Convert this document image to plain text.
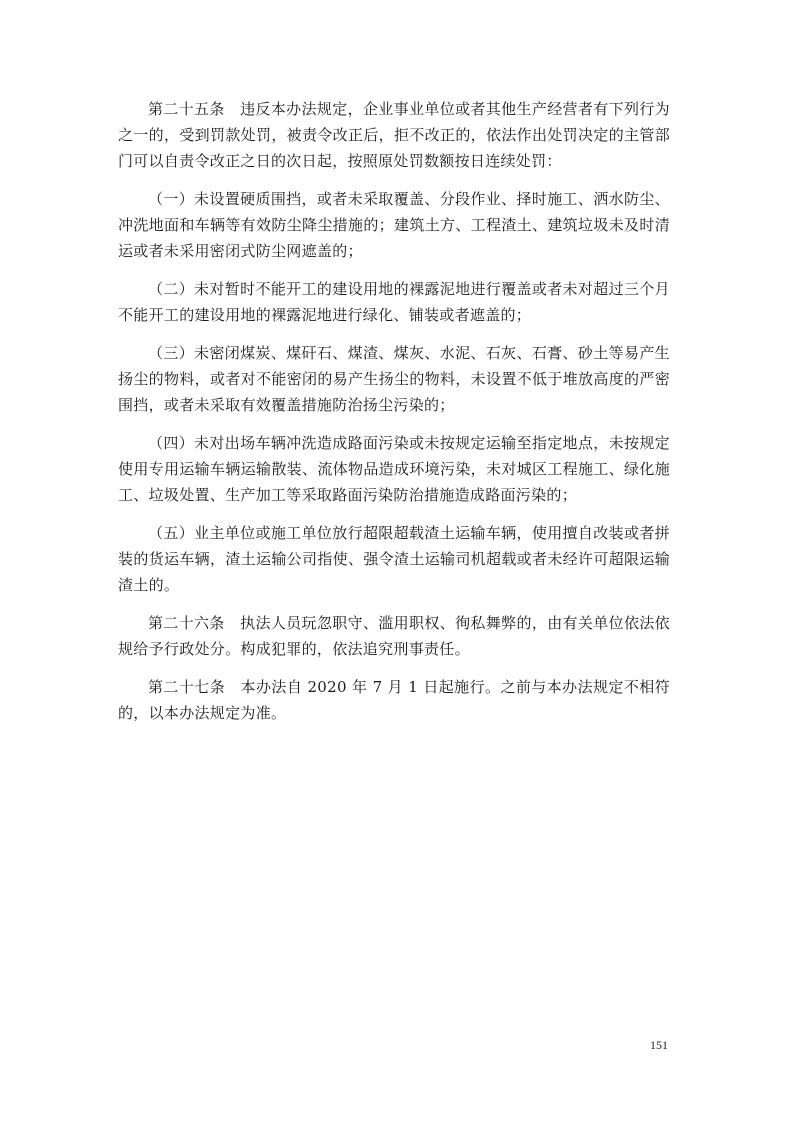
第二十五条　违反本办法规定，企业事业单位或者其他生产经营者有下列行为之一的，受到罚款处罚，被责令改正后，拒不改正的，依法作出处罚决定的主管部门可以自责令改正之日的次日起，按照原处罚数额按日连续处罚：

（一）未设置硬质围挡，或者未采取覆盖、分段作业、择时施工、洒水防尘、冲洗地面和车辆等有效防尘降尘措施的；建筑土方、工程渣土、建筑垃圾未及时清运或者未采用密闭式防尘网遮盖的；

（二）未对暂时不能开工的建设用地的裸露泥地进行覆盖或者未对超过三个月不能开工的建设用地的裸露泥地进行绿化、铺装或者遮盖的；

（三）未密闭煤炭、煤矸石、煤渣、煤灰、水泥、石灰、石膏、砂土等易产生扬尘的物料，或者对不能密闭的易产生扬尘的物料，未设置不低于堆放高度的严密围挡，或者未采取有效覆盖措施防治扬尘污染的；

（四）未对出场车辆冲洗造成路面污染或未按规定运输至指定地点，未按规定使用专用运输车辆运输散装、流体物品造成环境污染，未对城区工程施工、绿化施工、垃圾处置、生产加工等采取路面污染防治措施造成路面污染的；

（五）业主单位或施工单位放行超限超载渣土运输车辆，使用擅自改装或者拼装的货运车辆，渣土运输公司指使、强令渣土运输司机超载或者未经许可超限运输渣土的。

第二十六条　执法人员玩忽职守、滥用职权、徇私舞弊的，由有关单位依法依规给予行政处分。构成犯罪的，依法追究刑事责任。

第二十七条　本办法自 2020 年 7 月 1 日起施行。之前与本办法规定不相符的，以本办法规定为准。

151
